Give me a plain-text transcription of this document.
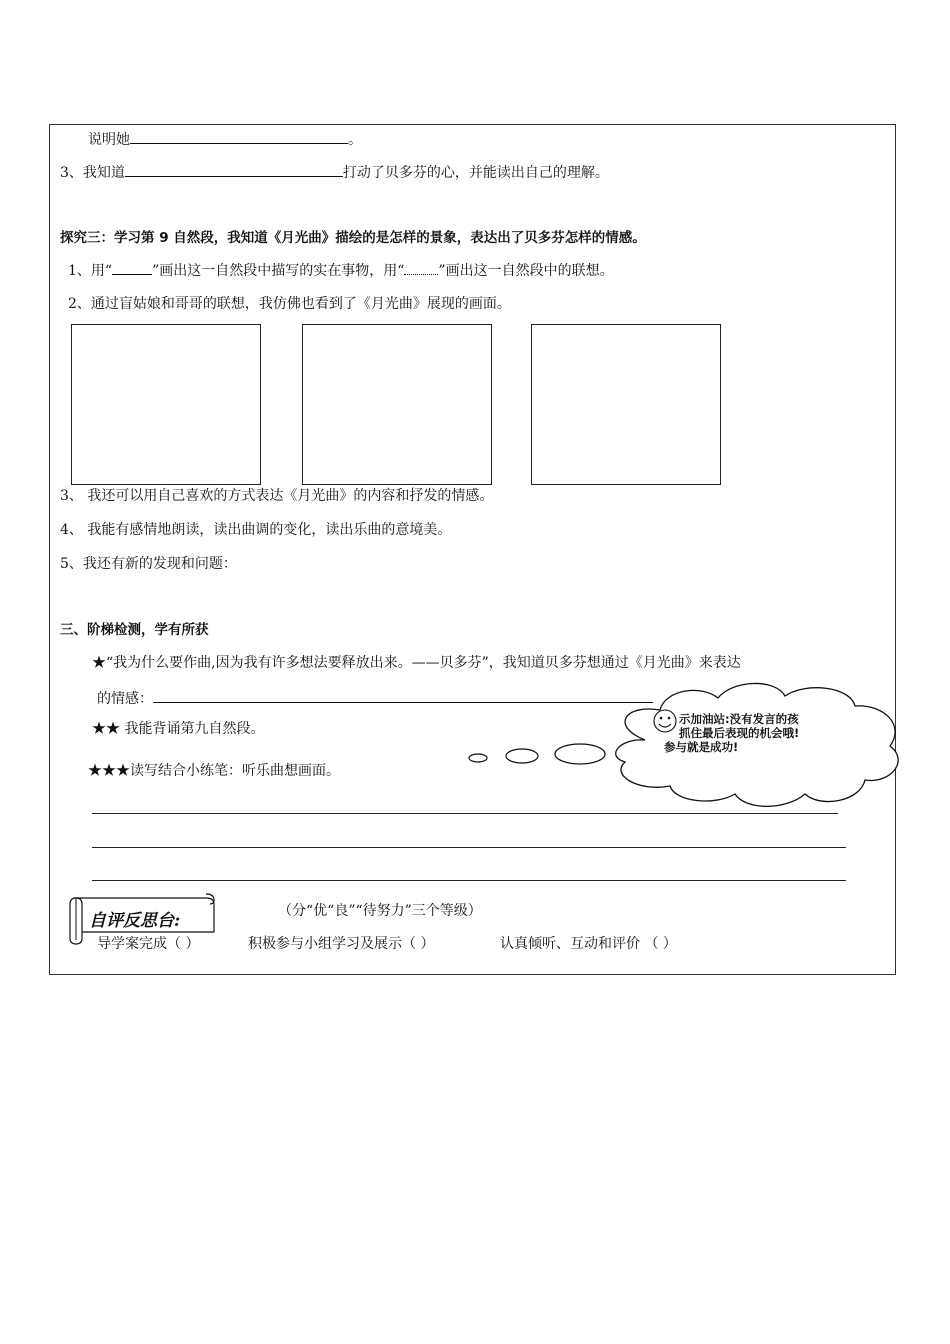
说明她	。
3、我知道	打动了贝多芬的心，并能读出自己的理解。
探究三：学习第 9 自然段，我知道《月光曲》描绘的是怎样的景象，表达出了贝多芬怎样的情感。
1、用“	”画出这一自然段中描写的实在事物，用“ ”画出这一自然段中的联想。
2、通过盲姑娘和哥哥的联想，我仿佛也看到了《月光曲》展现的画面。
3、 我还可以用自己喜欢的方式表达《月光曲》的内容和抒发的情感。
4、 我能有感情地朗读，读出曲调的变化，读出乐曲的意境美。
5、我还有新的发现和问题：
三、阶梯检测，学有所获
★“我为什么要作曲,因为我有许多想法要释放出来。——贝多芬”，我知道贝多芬想通过《月光曲》来表达
的情感：
★★ 我能背诵第九自然段。
★★★读写结合小练笔：听乐曲想画面。
示加油站:没有发言的孩
抓住最后表现的机会哦!
参与就是成功!
自评反思台:	（分“优“良”“待努力”三个等级）
导学案完成（ ）	积极参与小组学习及展示（ ）	认真倾听、互动和评价 （ ）
